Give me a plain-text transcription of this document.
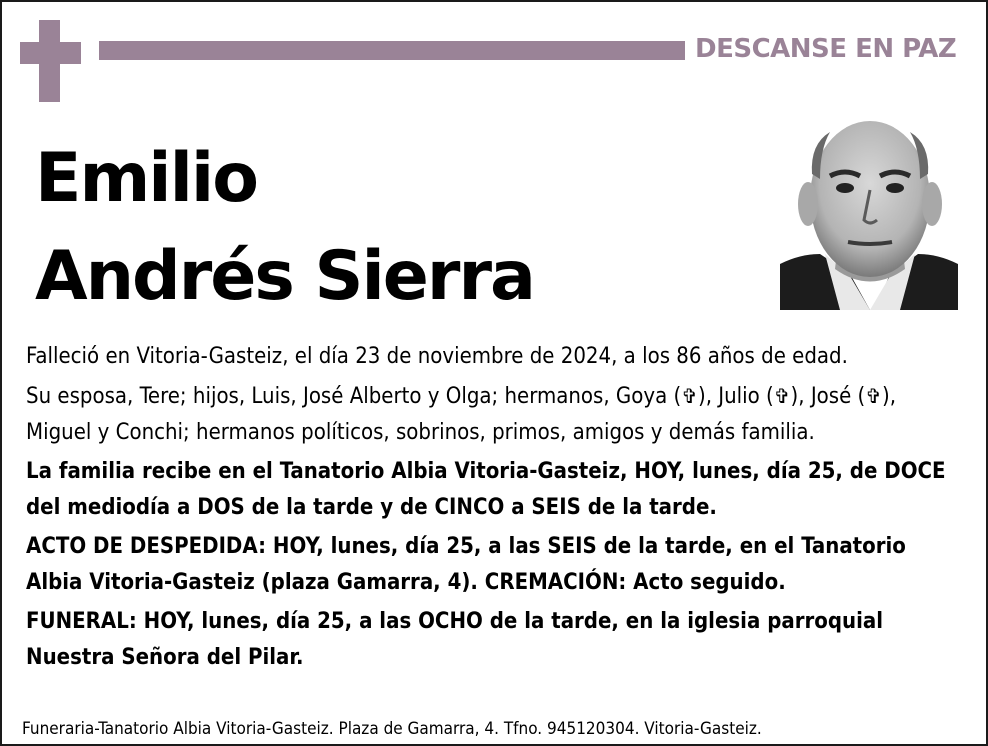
DESCANSE EN PAZ
Emilio
Andrés Sierra

Falleció en Vitoria-Gasteiz, el día 23 de noviembre de 2024, a los 86 años de edad.

Su esposa, Tere; hijos, Luis, José Alberto y Olga; hermanos, Goya (✞), Julio (✞), José (✞), Miguel y Conchi; hermanos políticos, sobrinos, primos, amigos y demás familia.

La familia recibe en el Tanatorio Albia Vitoria-Gasteiz, HOY, lunes, día 25, de DOCE del mediodía a DOS de la tarde y de CINCO a SEIS de la tarde.

ACTO DE DESPEDIDA: HOY, lunes, día 25, a las SEIS de la tarde, en el Tanatorio Albia Vitoria-Gasteiz (plaza Gamarra, 4). CREMACIÓN: Acto seguido.

FUNERAL: HOY, lunes, día 25, a las OCHO de la tarde, en la iglesia parroquial Nuestra Señora del Pilar.

Funeraria-Tanatorio Albia Vitoria-Gasteiz. Plaza de Gamarra, 4. Tfno. 945120304. Vitoria-Gasteiz.
